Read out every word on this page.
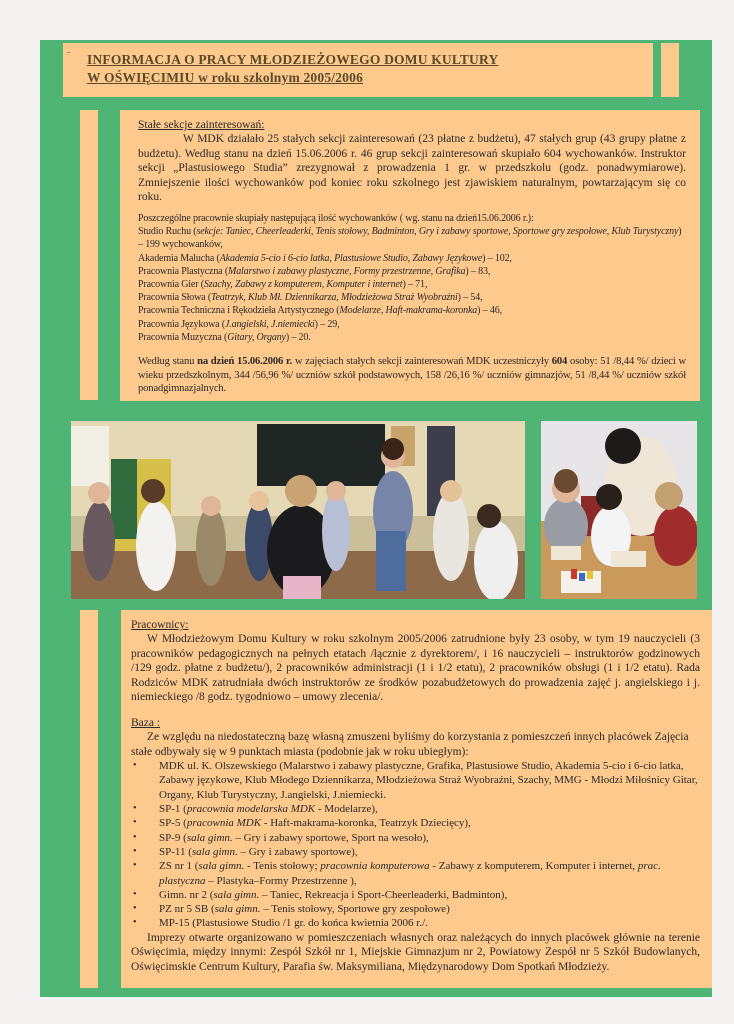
- INFORMACJA O PRACY MŁODZIEŻOWEGO DOMU KULTURY
W OŚWIĘCIMIU w roku szkolnym 2005/2006

Stałe sekcje zainteresowań:

W MDK działało 25 stałych sekcji zainteresowań (23 płatne z budżetu), 47 stałych grup (43 grupy płatne z budżetu). Według stanu na dzień 15.06.2006 r. 46 grup sekcji zainteresowań skupiało 604 wychowanków. Instruktor sekcji „Plastusiowego Studia” zrezygnował z prowadzenia 1 gr. w przedszkolu (godz. ponadwymiarowe). Zmniejszenie ilości wychowanków pod koniec roku szkolnego jest zjawiskiem naturalnym, powtarzającym się co roku.

Poszczególne pracownie skupiały następującą ilość wychowanków ( wg. stanu na dzień15.06.2006 r.):

Studio Ruchu (sekcje: Taniec, Cheerleaderki, Tenis stołowy, Badminton, Gry i zabawy sportowe, Sportowe gry zespołowe, Klub Turystyczny) – 199 wychowanków,

Akademia Malucha (Akademia 5-cio i 6-cio latka, Plastusiowe Studio, Zabawy Językowe) – 102,

Pracownia Plastyczna (Malarstwo i zabawy plastyczne, Formy przestrzenne, Grafika) – 83,

Pracownia Gier (Szachy, Zabawy z komputerem, Komputer i internet) – 71,

Pracownia Słowa (Teatrzyk, Klub Mł. Dziennikarza, Młodzieżowa Straż Wyobraźni) – 54,

Pracownia Techniczna i Rękodzieła Artystycznego (Modelarze, Haft-makrama-koronka) – 46,

Pracownia Językowa (J.angielski, J.niemiecki) – 29,

Pracownia Muzyczna (Gitary, Organy) – 20.

Według stanu na dzień 15.06.2006 r. w zajęciach stałych sekcji zainteresowań MDK uczestniczyły 604 osoby: 51 /8,44 %/ dzieci w wieku przedszkolnym, 344 /56,96 %/ uczniów szkół podstawowych, 158 /26,16 %/ uczniów gimnazjów, 51 /8,44 %/ uczniów szkół ponadgimnazjalnych.

Pracownicy:

W Młodzieżowym Domu Kultury w roku szkolnym 2005/2006 zatrudnione były 23 osoby, w tym 19 nauczycieli (3 pracowników pedagogicznych na pełnych etatach /łącznie z dyrektorem/, i 16 nauczycieli – instruktorów godzinowych /129 godz. płatne z budżetu/), 2 pracowników administracji (1 i 1/2 etatu), 2 pracowników obsługi (1 i 1/2 etatu). Rada Rodziców MDK zatrudniała dwóch instruktorów ze środków pozabudżetowych do prowadzenia zajęć j. angielskiego i j. niemieckiego /8 godz. tygodniowo – umowy zlecenia/.

Baza :

Ze względu na niedostateczną bazę własną zmuszeni byliśmy do korzystania z pomieszczeń innych placówek Zajęcia stałe odbywały się w 9 punktach miasta (podobnie jak w roku ubiegłym):

• MDK ul. K. Olszewskiego (Malarstwo i zabawy plastyczne, Grafika, Plastusiowe Studio, Akademia 5-cio i 6-cio latka, Zabawy językowe, Klub Młodego Dziennikarza, Młodzieżowa Straż Wyobraźni, Szachy, MMG - Młodzi Miłośnicy Gitar, Organy, Klub Turystyczny, J.angielski, J.niemiecki.
• SP-1 (pracownia modelarska MDK - Modelarze),
• SP-5 (pracownia MDK - Haft-makrama-koronka, Teatrzyk Dziecięcy),
• SP-9 (sala gimn. – Gry i zabawy sportowe, Sport na wesoło),
• SP-11 (sala gimn. – Gry i zabawy sportowe),
• ZS nr 1 (sala gimn. - Tenis stołowy; pracownia komputerowa - Zabawy z komputerem, Komputer i internet, prac. plastyczna – Plastyka–Formy Przestrzenne ),
• Gimn. nr 2 (sala gimn. – Taniec, Rekreacja i Sport-Cheerleaderki, Badminton),
• PZ nr 5 SB (sala gimn. – Tenis stołowy, Sportowe gry zespołowe)
• MP-15 (Plastusiowe Studio /1 gr. do końca kwietnia 2006 r./.

Imprezy otwarte organizowano w pomieszczeniach własnych oraz należących do innych placówek głównie na terenie Oświęcimia, między innymi: Zespół Szkół nr 1, Miejskie Gimnazjum nr 2, Powiatowy Zespół nr 5 Szkół Budowlanych, Oświęcimskie Centrum Kultury, Parafia św. Maksymiliana, Międzynarodowy Dom Spotkań Młodzieży.
